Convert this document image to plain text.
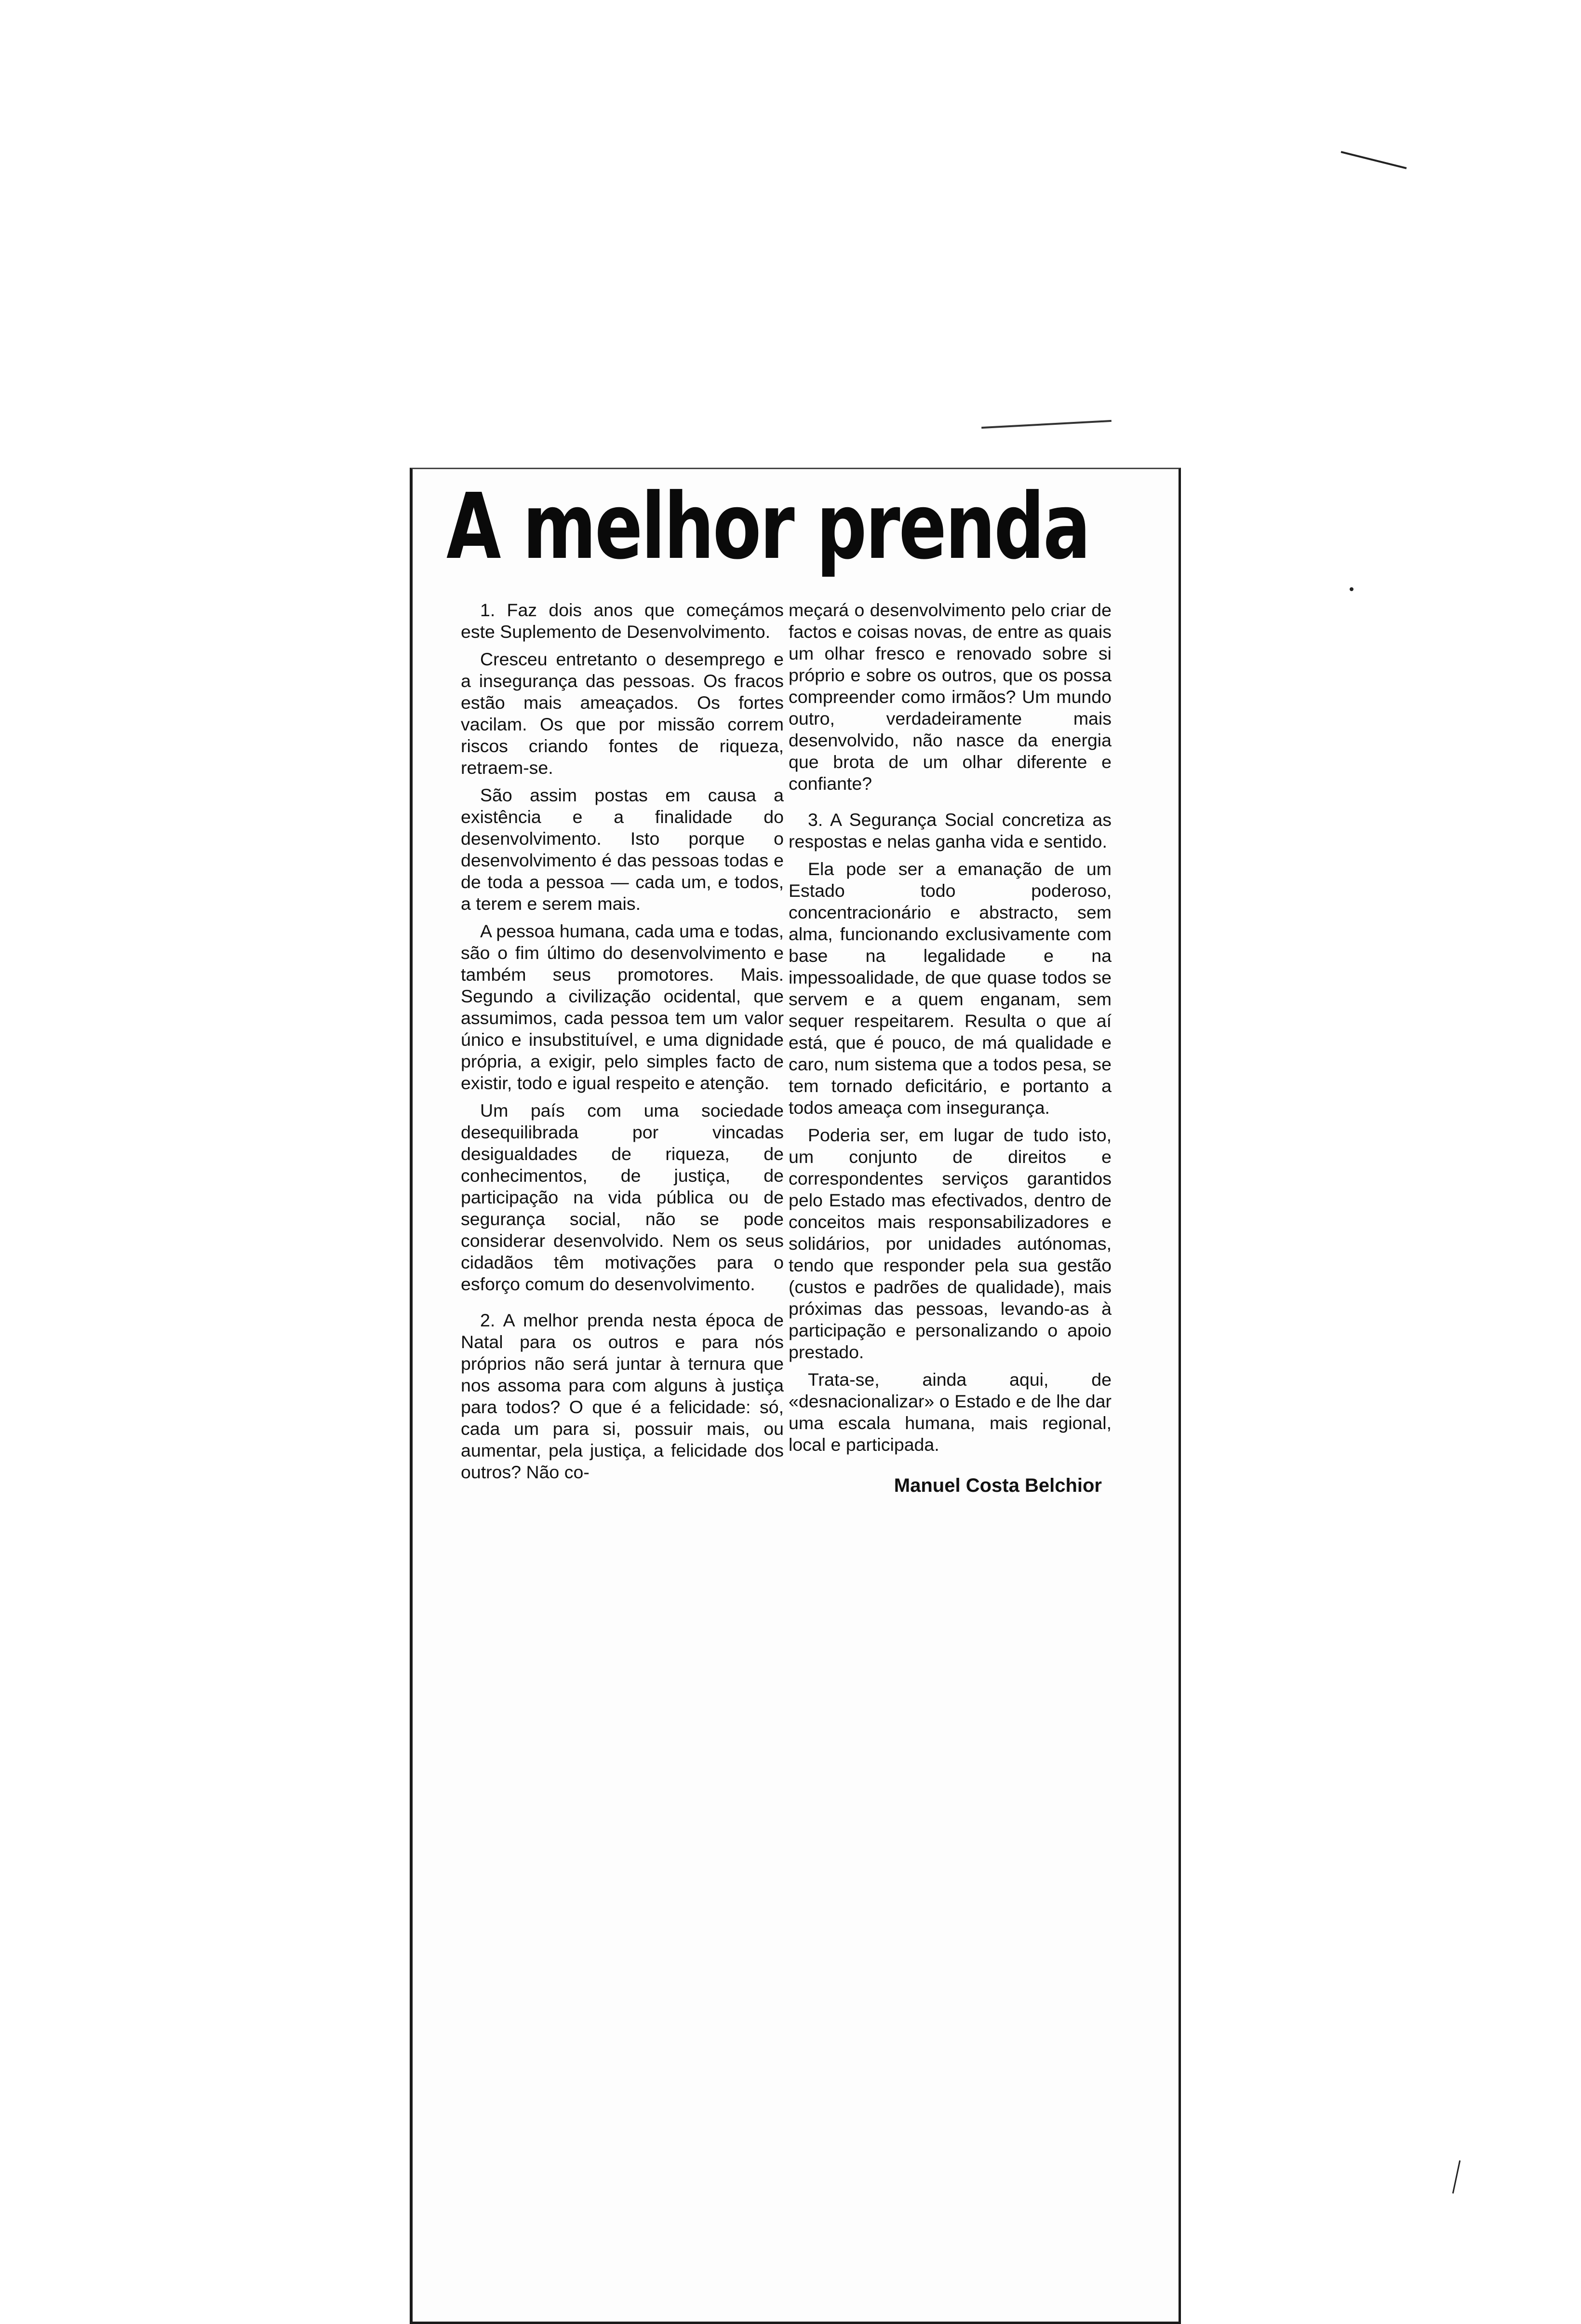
A melhor prenda

1. Faz dois anos que começámos este Suplemento de Desenvolvimento.

Cresceu entretanto o desemprego e a insegurança das pessoas. Os fracos estão mais ameaçados. Os fortes vacilam. Os que por missão correm riscos criando fontes de riqueza, retraem-se.

São assim postas em causa a existência e a finalidade do desenvolvimento. Isto porque o desenvolvimento é das pessoas todas e de toda a pessoa — cada um, e todos, a terem e serem mais.

A pessoa humana, cada uma e todas, são o fim último do desenvolvimento e também seus promotores. Mais. Segundo a civilização ocidental, que assumimos, cada pessoa tem um valor único e insubstituível, e uma dignidade própria, a exigir, pelo simples facto de existir, todo e igual respeito e atenção.

Um país com uma sociedade desequilibrada por vincadas desigualdades de riqueza, de conhecimentos, de justiça, de participação na vida pública ou de segurança social, não se pode considerar desenvolvido. Nem os seus cidadãos têm motivações para o esforço comum do desenvolvimento.

2. A melhor prenda nesta época de Natal para os outros e para nós próprios não será juntar à ternura que nos assoma para com alguns à justiça para todos? O que é a felicidade: só, cada um para si, possuir mais, ou aumentar, pela justiça, a felicidade dos outros? Não co-

meçará o desenvolvimento pelo criar de factos e coisas novas, de entre as quais um olhar fresco e renovado sobre si próprio e sobre os outros, que os possa compreender como irmãos? Um mundo outro, verdadeiramente mais desenvolvido, não nasce da energia que brota de um olhar diferente e confiante?

3. A Segurança Social concretiza as respostas e nelas ganha vida e sentido.

Ela pode ser a emanação de um Estado todo poderoso, concentracionário e abstracto, sem alma, funcionando exclusivamente com base na legalidade e na impessoalidade, de que quase todos se servem e a quem enganam, sem sequer respeitarem. Resulta o que aí está, que é pouco, de má qualidade e caro, num sistema que a todos pesa, se tem tornado deficitário, e portanto a todos ameaça com insegurança.

Poderia ser, em lugar de tudo isto, um conjunto de direitos e correspondentes serviços garantidos pelo Estado mas efectivados, dentro de conceitos mais responsabilizadores e solidários, por unidades autónomas, tendo que responder pela sua gestão (custos e padrões de qualidade), mais próximas das pessoas, levando-as à participação e personalizando o apoio prestado.

Trata-se, ainda aqui, de «desnacionalizar» o Estado e de lhe dar uma escala humana, mais regional, local e participada.

Manuel Costa Belchior
